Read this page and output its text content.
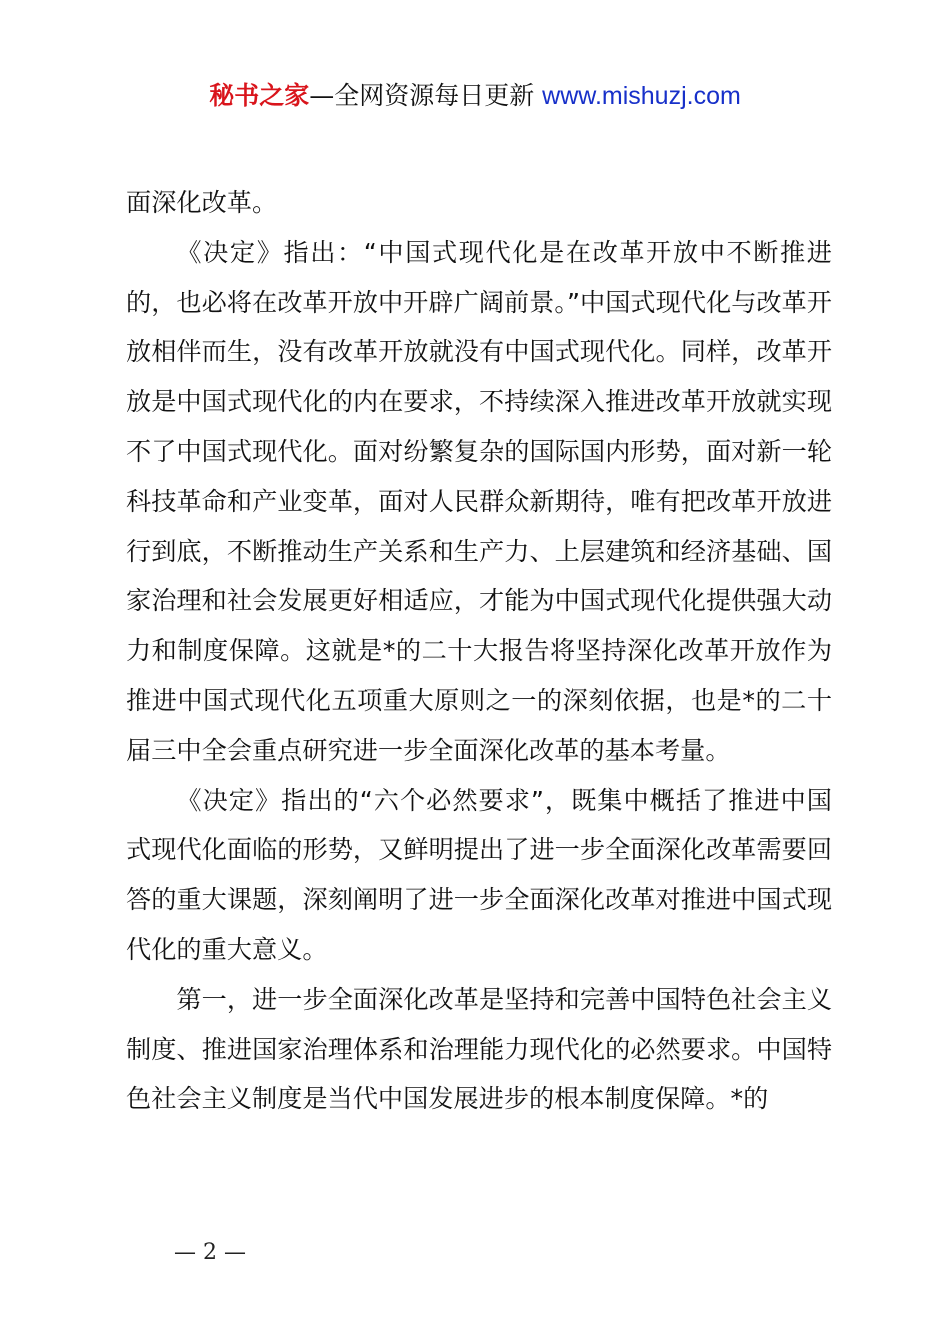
秘书之家—全网资源每日更新 www.mishuzj.com

面深化改革。

《决定》指出：“中国式现代化是在改革开放中不断推进的，也必将在改革开放中开辟广阔前景。”中国式现代化与改革开放相伴而生，没有改革开放就没有中国式现代化。同样，改革开放是中国式现代化的内在要求，不持续深入推进改革开放就实现不了中国式现代化。面对纷繁复杂的国际国内形势，面对新一轮科技革命和产业变革，面对人民群众新期待，唯有把改革开放进行到底，不断推动生产关系和生产力、上层建筑和经济基础、国家治理和社会发展更好相适应，才能为中国式现代化提供强大动力和制度保障。这就是*的二十大报告将坚持深化改革开放作为推进中国式现代化五项重大原则之一的深刻依据，也是*的二十届三中全会重点研究进一步全面深化改革的基本考量。

《决定》指出的“六个必然要求”，既集中概括了推进中国式现代化面临的形势，又鲜明提出了进一步全面深化改革需要回答的重大课题，深刻阐明了进一步全面深化改革对推进中国式现代化的重大意义。

第一，进一步全面深化改革是坚持和完善中国特色社会主义制度、推进国家治理体系和治理能力现代化的必然要求。中国特色社会主义制度是当代中国发展进步的根本制度保障。*的

— 2 —
